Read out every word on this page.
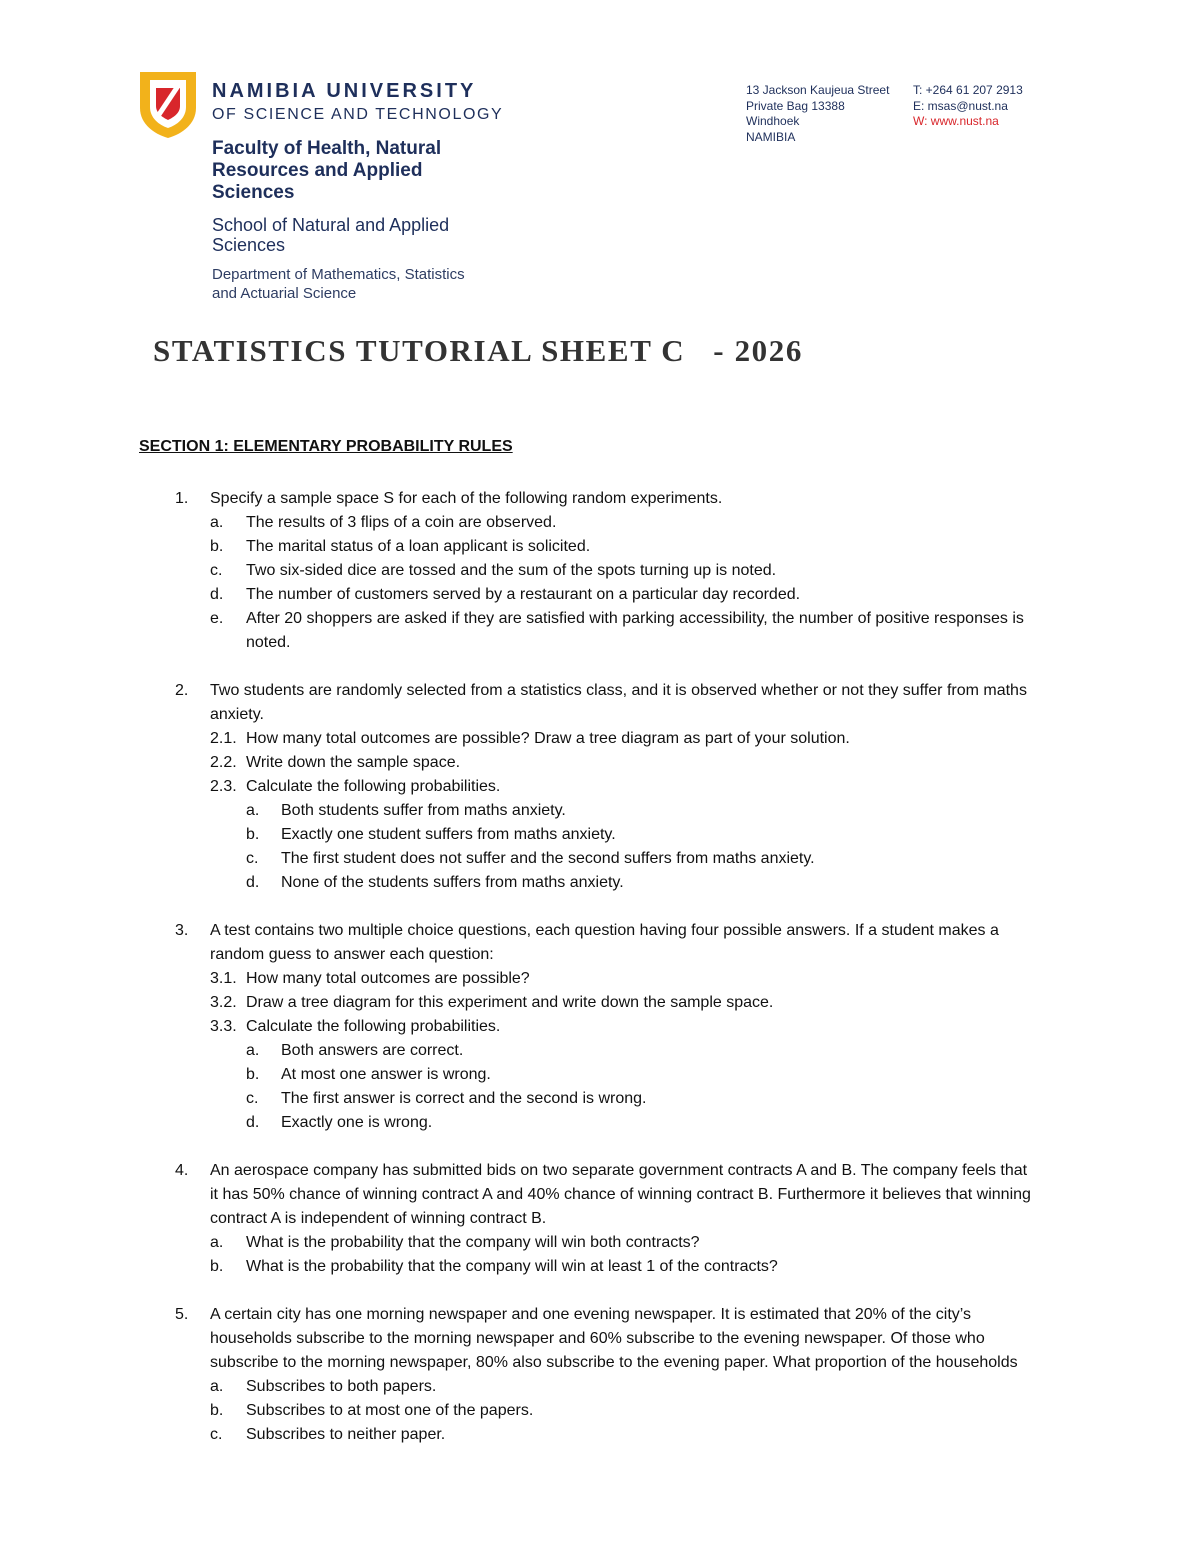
NAMIBIA UNIVERSITY
OF SCIENCE AND TECHNOLOGY
Faculty of Health, Natural Resources and Applied Sciences
School of Natural and Applied Sciences
Department of Mathematics, Statistics and Actuarial Science
13 Jackson Kaujeua Street
Private Bag 13388
Windhoek
NAMIBIA
T: +264 61 207 2913
E: msas@nust.na
W: www.nust.na
STATISTICS TUTORIAL SHEET C   - 2026
SECTION 1: ELEMENTARY PROBABILITY RULES
1. Specify a sample space S for each of the following random experiments.
a. The results of 3 flips of a coin are observed.
b. The marital status of a loan applicant is solicited.
c. Two six-sided dice are tossed and the sum of the spots turning up is noted.
d. The number of customers served by a restaurant on a particular day recorded.
e. After 20 shoppers are asked if they are satisfied with parking accessibility, the number of positive responses is noted.
2. Two students are randomly selected from a statistics class, and it is observed whether or not they suffer from maths anxiety.
2.1. How many total outcomes are possible? Draw a tree diagram as part of your solution.
2.2. Write down the sample space.
2.3. Calculate the following probabilities.
a. Both students suffer from maths anxiety.
b. Exactly one student suffers from maths anxiety.
c. The first student does not suffer and the second suffers from maths anxiety.
d. None of the students suffers from maths anxiety.
3. A test contains two multiple choice questions, each question having four possible answers. If a student makes a random guess to answer each question:
3.1. How many total outcomes are possible?
3.2. Draw a tree diagram for this experiment and write down the sample space.
3.3. Calculate the following probabilities.
a. Both answers are correct.
b. At most one answer is wrong.
c. The first answer is correct and the second is wrong.
d. Exactly one is wrong.
4. An aerospace company has submitted bids on two separate government contracts A and B. The company feels that it has 50% chance of winning contract A and 40% chance of winning contract B. Furthermore it believes that winning contract A is independent of winning contract B.
a. What is the probability that the company will win both contracts?
b. What is the probability that the company will win at least 1 of the contracts?
5. A certain city has one morning newspaper and one evening newspaper. It is estimated that 20% of the city’s households subscribe to the morning newspaper and 60% subscribe to the evening newspaper. Of those who subscribe to the morning newspaper, 80% also subscribe to the evening paper. What proportion of the households
a. Subscribes to both papers.
b. Subscribes to at most one of the papers.
c. Subscribes to neither paper.
